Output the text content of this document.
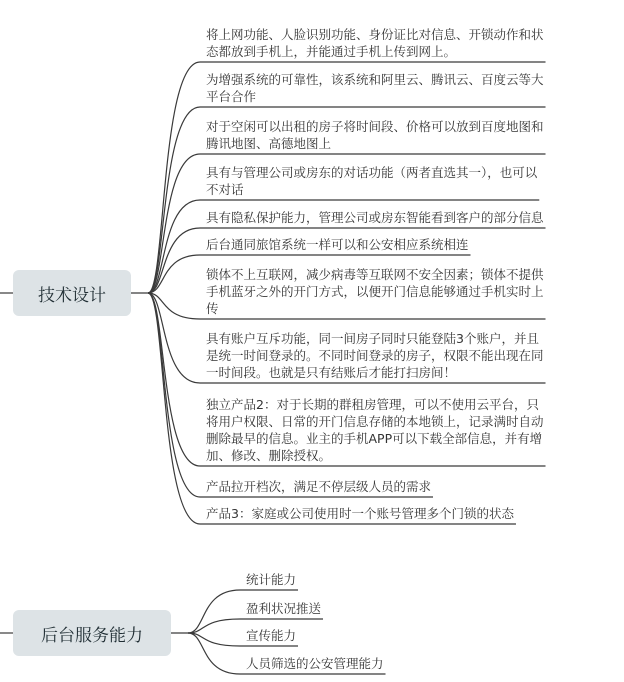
技术设计
后台服务能力
将上网功能、人脸识别功能、身份证比对信息、开锁动作和状
态都放到手机上，并能通过手机上传到网上。
为增强系统的可靠性，该系统和阿里云、腾讯云、百度云等大
平台合作
对于空闲可以出租的房子将时间段、价格可以放到百度地图和
腾讯地图、高德地图上
具有与管理公司或房东的对话功能（两者直选其一），也可以
不对话
具有隐私保护能力，管理公司或房东智能看到客户的部分信息
后台通同旅馆系统一样可以和公安相应系统相连
锁体不上互联网，减少病毒等互联网不安全因素；锁体不提供
手机蓝牙之外的开门方式，以便开门信息能够通过手机实时上
传
具有账户互斥功能，同一间房子同时只能登陆3个账户，并且
是统一时间登录的。不同时间登录的房子，权限不能出现在同
一时间段。也就是只有结账后才能打扫房间！
独立产品2：对于长期的群租房管理，可以不使用云平台，只
将用户权限、日常的开门信息存储的本地锁上，记录满时自动
删除最早的信息。业主的手机APP可以下载全部信息，并有增
加、修改、删除授权。
产品拉开档次，满足不停层级人员的需求
产品3：家庭或公司使用时一个账号管理多个门锁的状态
统计能力
盈利状况推送
宣传能力
人员筛选的公安管理能力
